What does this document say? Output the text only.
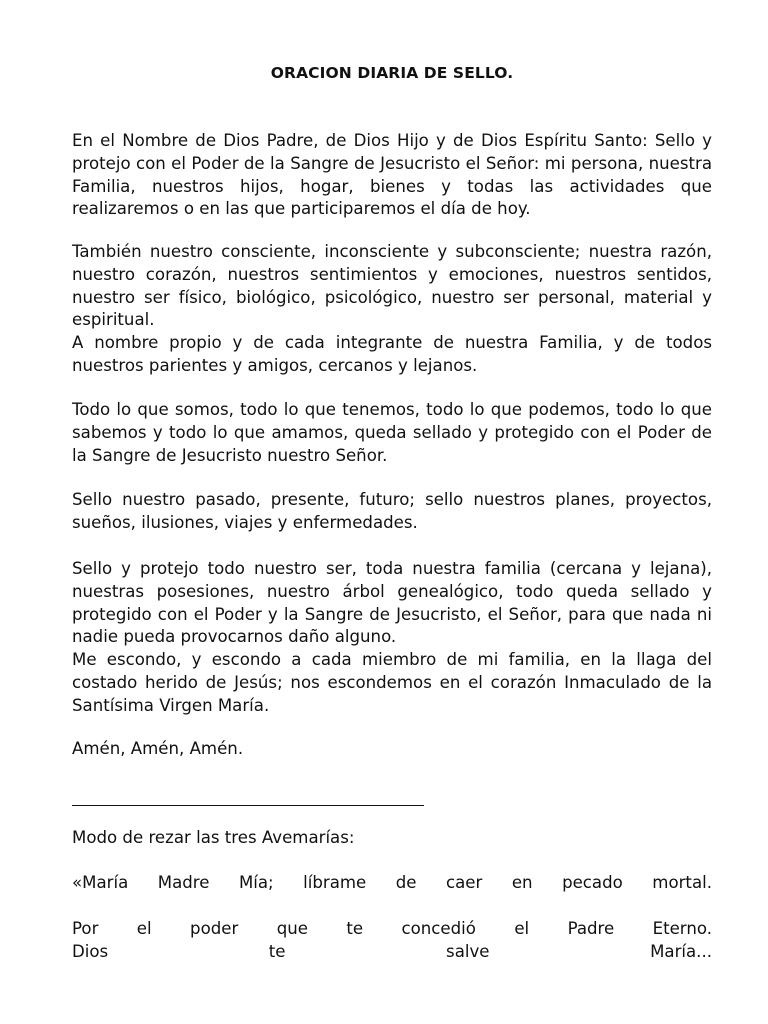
ORACION DIARIA DE SELLO.

En el Nombre de Dios Padre, de Dios Hijo y de Dios Espíritu Santo: Sello y protejo con el Poder de la Sangre de Jesucristo el Señor: mi persona, nuestra Familia, nuestros hijos, hogar, bienes y todas las actividades que realizaremos o en las que participaremos el día de hoy.

También nuestro consciente, inconsciente y subconsciente; nuestra razón, nuestro corazón, nuestros sentimientos y emociones, nuestros sentidos, nuestro ser físico, biológico, psicológico, nuestro ser personal, material y espiritual.

A nombre propio y de cada integrante de nuestra Familia, y de todos nuestros parientes y amigos, cercanos y lejanos.

Todo lo que somos, todo lo que tenemos, todo lo que podemos, todo lo que sabemos y todo lo que amamos, queda sellado y protegido con el Poder de la Sangre de Jesucristo nuestro Señor.

Sello nuestro pasado, presente, futuro; sello nuestros planes, proyectos, sueños, ilusiones, viajes y enfermedades.

Sello y protejo todo nuestro ser, toda nuestra familia (cercana y lejana), nuestras posesiones, nuestro árbol genealógico, todo queda sellado y protegido con el Poder y la Sangre de Jesucristo, el Señor, para que nada ni nadie pueda provocarnos daño alguno.

Me escondo, y escondo a cada miembro de mi familia, en la llaga del costado herido de Jesús; nos escondemos en el corazón Inmaculado de la Santísima Virgen María.

Amén, Amén, Amén.

Modo de rezar las tres Avemarías:

«María Madre Mía; líbrame de caer en pecado mortal.

Por el poder que te concedió el Padre Eterno.

Dios te salve María...
